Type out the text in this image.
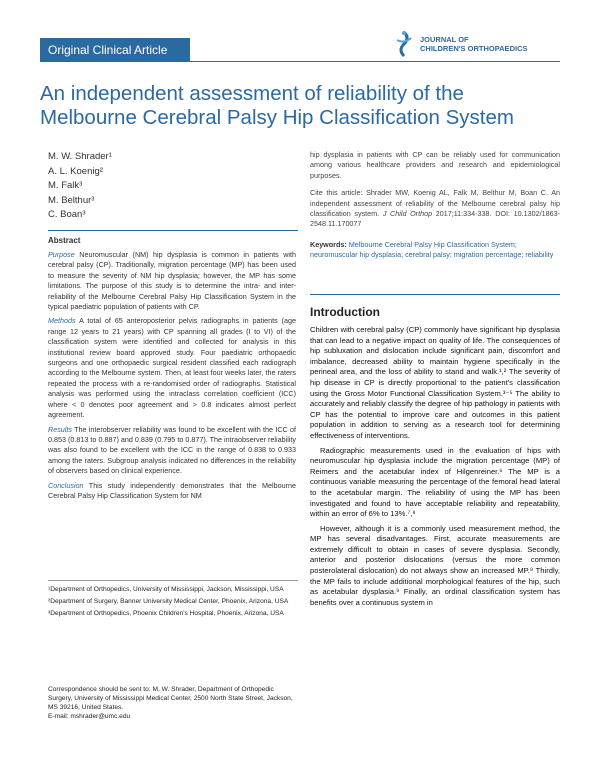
Original Clinical Article
JOURNAL OF
CHILDREN'S ORTHOPAEDICS
An independent assessment of reliability of the Melbourne Cerebral Palsy Hip Classification System
M. W. Shrader¹
A. L. Koenig²
M. Falk³
M. Belthur³
C. Boan³
Abstract

Purpose Neuromuscular (NM) hip dysplasia is common in patients with cerebral palsy (CP). Traditionally, migration percentage (MP) has been used to measure the severity of NM hip dysplasia; however, the MP has some limitations. The purpose of this study is to determine the intra- and inter-reliability of the Melbourne Cerebral Palsy Hip Classification System in the typical paediatric population of patients with CP.

Methods A total of 65 anteroposterior pelvis radiographs in patients (age range 12 years to 21 years) with CP spanning all grades (I to VI) of the classification system were identified and collected for analysis in this institutional review board approved study. Four paediatric orthopaedic surgeons and one orthopaedic surgical resident classified each radiograph according to the Melbourne system. Then, at least four weeks later, the raters repeated the process with a re-randomised order of radiographs. Statistical analysis was performed using the intraclass correlation coefficient (ICC) where < 0 denotes poor agreement and > 0.8 indicates almost perfect agreement.

Results The interobserver reliability was found to be excellent with the ICC of 0.853 (0.813 to 0.887) and 0.839 (0.795 to 0.877). The intraobserver reliability was also found to be excellent with the ICC in the range of 0.838 to 0.933 among the raters. Subgroup analysis indicated no differences in the reliability of observers based on clinical experience.

Conclusion This study independently demonstrates that the Melbourne Cerebral Palsy Hip Classification System for NM

¹Department of Orthopedics, University of Mississippi, Jackson, Mississippi, USA

²Department of Surgery, Banner University Medical Center, Phoenix, Arizona, USA

³Department of Orthopedics, Phoenix Children's Hospital, Phoenix, Arizona, USA

Correspondence should be sent to: M. W. Shrader, Department of Orthopedic Surgery, University of Mississippi Medical Center, 2500 North State Street, Jackson, MS 39216, United States.
E-mail: mshrader@umc.edu

hip dysplasia in patients with CP can be reliably used for communication among various healthcare providers and research and epidemiological purposes.

Cite this article: Shrader MW, Koenig AL, Falk M, Belthur M, Boan C. An independent assessment of reliability of the Melbourne cerebral palsy hip classification system. J Child Orthop 2017;11:334-338. DOI: 10.1302/1863-2548.11.170077

Keywords: Melbourne Cerebral Palsy Hip Classification System; neuromuscular hip dysplasia; cerebral palsy; migration percentage; reliability

Introduction

Children with cerebral palsy (CP) commonly have significant hip dysplasia that can lead to a negative impact on quality of life. The consequences of hip subluxation and dislocation include significant pain, discomfort and imbalance, decreased ability to maintain hygiene specifically in the perineal area, and the loss of ability to stand and walk.¹,² The severity of hip disease in CP is directly proportional to the patient's classification using the Gross Motor Functional Classification System.³⁻⁵ The ability to accurately and reliably classify the degree of hip pathology in patients with CP has the potential to improve care and outcomes in this patient population in addition to serving as a research tool for determining effectiveness of interventions.

Radiographic measurements used in the evaluation of hips with neuromuscular hip dysplasia include the migration percentage (MP) of Reimers and the acetabular index of Hilgenreiner.⁶ The MP is a continuous variable measuring the percentage of the femoral head lateral to the acetabular margin. The reliability of using the MP has been investigated and found to have acceptable reliability and repeatability, within an error of 6% to 13%.⁷,⁸

However, although it is a commonly used measurement method, the MP has several disadvantages. First, accurate measurements are extremely difficult to obtain in cases of severe dysplasia. Secondly, anterior and posterior dislocations (versus the more common posterolateral dislocation) do not always show an increased MP.⁹ Thirdly, the MP fails to include additional morphological features of the hip, such as acetabular dysplasia.⁹ Finally, an ordinal classification system has benefits over a continuous system in
